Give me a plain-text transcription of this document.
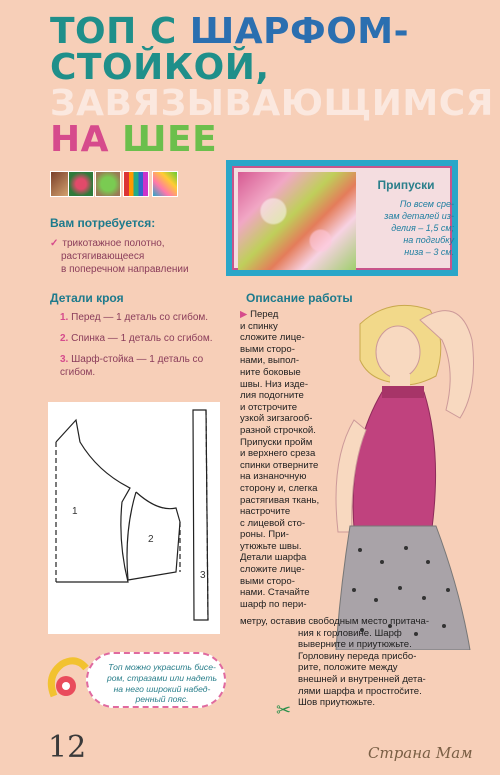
ТОП С ШАРФОМ-
СТОЙКОЙ,
ЗАВЯЗЫВАЮЩИМСЯ
НА ШЕЕ
Припуски
По всем сре-
зам деталей из-
делия – 1,5 см;
на подгибку
низа – 3 см.
Вам потребуется:
✓ трикотажное полотно,
растягивающееся
в поперечном направлении
Детали кроя
1. Перед — 1 деталь со сгибом.
2. Спинка — 1 деталь со сгибом.
3. Шарф-стойка — 1 деталь со
сгибом.
Описание работы
1
2
3
▶ Перед
и спинку
сложите лице-
выми сторо-
нами, выпол-
ните боковые
швы. Низ изде-
лия подогните
и отстрочите
узкой зигзагооб-
разной строчкой.
Припуски пройм
и верхнего среза
спинки отверните
на изнаночную
сторону и, слегка
растягивая ткань,
настрочите
с лицевой сто-
роны. При-
утюжьте швы.
Детали шарфа
сложите лице-
выми сторо-
нами. Стачайте
шарф по пери-
метру, оставив свободным место притача-
ния к горловине. Шарф
выверните и приутюжьте.
Горловину переда присбо-
рите, положите между
внешней и внутренней дета-
лями шарфа и простročите.
Шов приутюжьте.
Топ можно украсить бисе-
ром, стразами или надеть
на него широкий набед-
ренный пояс.
✂
12	Страна Мам
